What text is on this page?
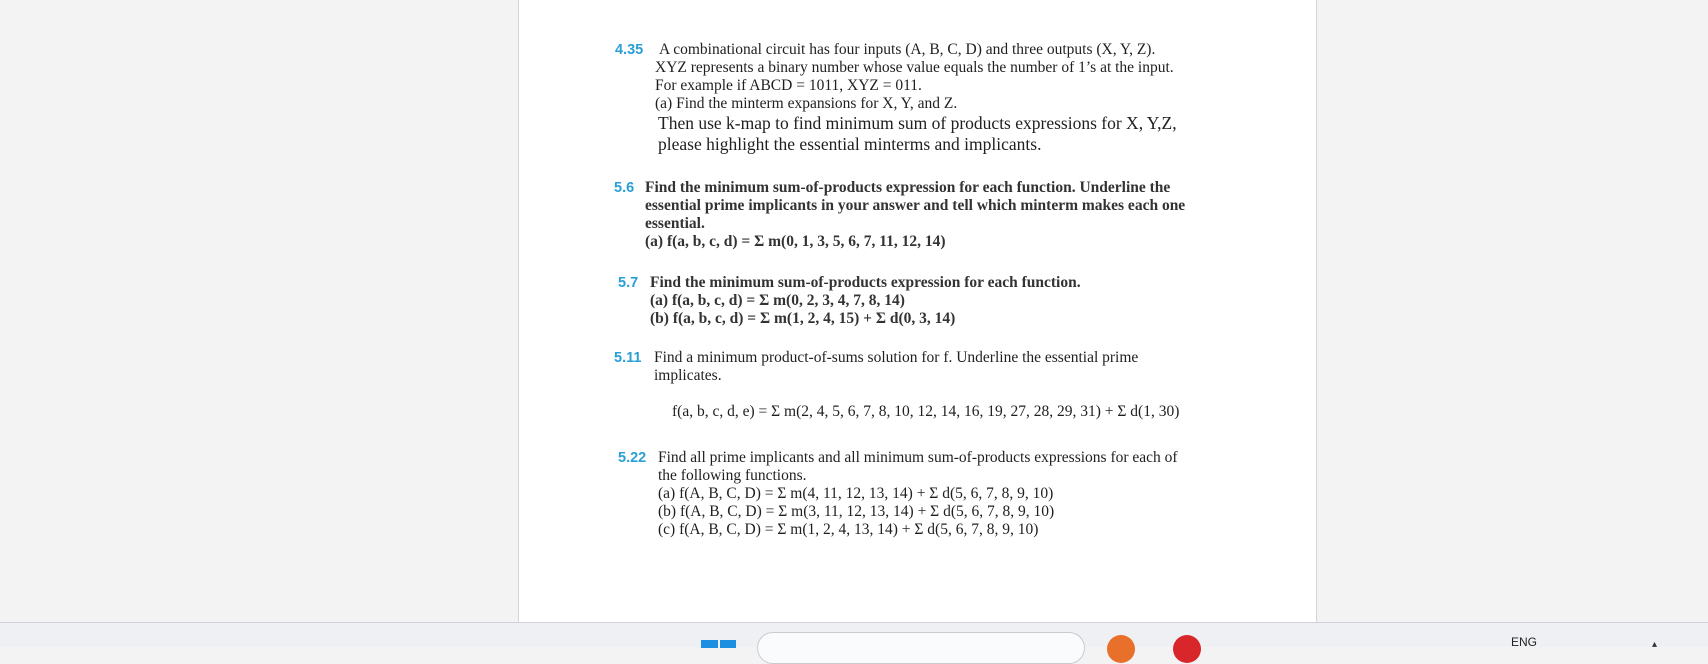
4.35 A combinational circuit has four inputs (A, B, C, D) and three outputs (X, Y, Z).
XYZ represents a binary number whose value equals the number of 1’s at the input.
For example if ABCD = 1011, XYZ = 011.
(a) Find the minterm expansions for X, Y, and Z.
Then use k-map to find minimum sum of products expressions for X, Y,Z,
please highlight the essential minterms and implicants.
5.6 Find the minimum sum-of-products expression for each function. Underline the
essential prime implicants in your answer and tell which minterm makes each one
essential.
(a) f(a, b, c, d) = Σ m(0, 1, 3, 5, 6, 7, 11, 12, 14)
5.7 Find the minimum sum-of-products expression for each function.
(a) f(a, b, c, d) = Σ m(0, 2, 3, 4, 7, 8, 14)
(b) f(a, b, c, d) = Σ m(1, 2, 4, 15) + Σ d(0, 3, 14)
5.11 Find a minimum product-of-sums solution for f. Underline the essential prime
implicates.
f(a, b, c, d, e) = Σ m(2, 4, 5, 6, 7, 8, 10, 12, 14, 16, 19, 27, 28, 29, 31) + Σ d(1, 30)
5.22 Find all prime implicants and all minimum sum-of-products expressions for each of
the following functions.
(a) f(A, B, C, D) = Σ m(4, 11, 12, 13, 14) + Σ d(5, 6, 7, 8, 9, 10)
(b) f(A, B, C, D) = Σ m(3, 11, 12, 13, 14) + Σ d(5, 6, 7, 8, 9, 10)
(c) f(A, B, C, D) = Σ m(1, 2, 4, 13, 14) + Σ d(5, 6, 7, 8, 9, 10)
ENG	▴
